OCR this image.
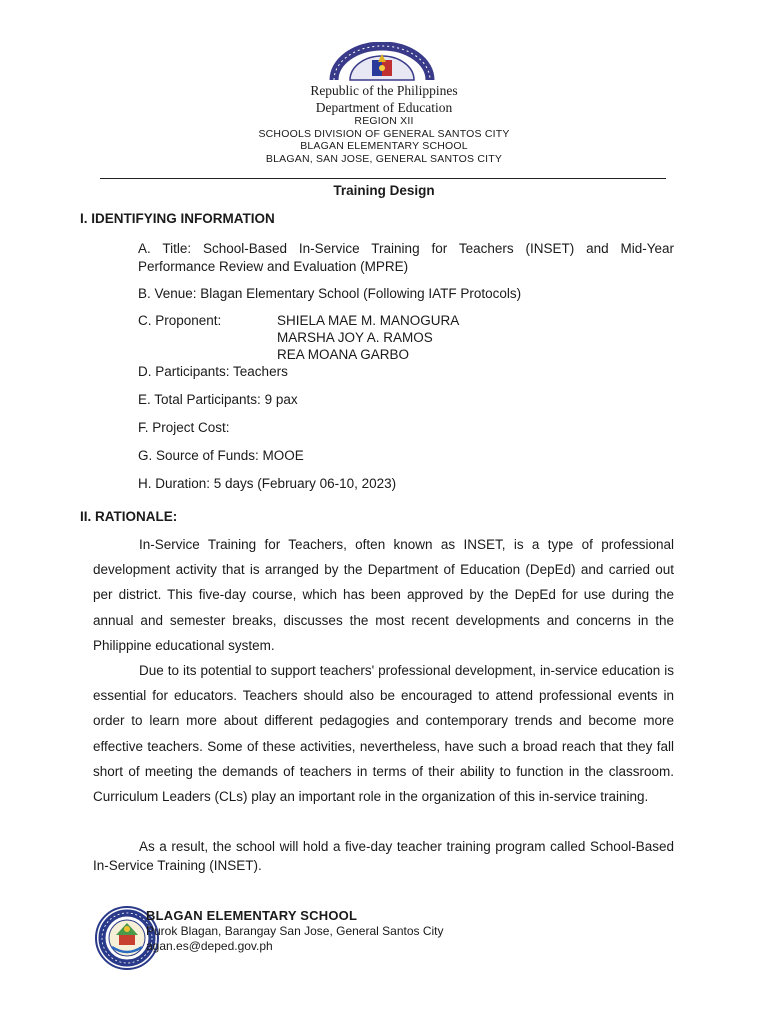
Republic of the Philippines

Department of Education

REGION XII

SCHOOLS DIVISION OF GENERAL SANTOS CITY

BLAGAN ELEMENTARY SCHOOL

BLAGAN, SAN JOSE, GENERAL SANTOS CITY

Training Design
I. IDENTIFYING INFORMATION
A. Title: School-Based In-Service Training for Teachers (INSET) and Mid-Year Performance Review and Evaluation (MPRE)
B. Venue: Blagan Elementary School (Following IATF Protocols)
C. Proponent:	SHIELA MAE M. MANOGURA
MARSHA JOY A. RAMOS
REA MOANA GARBO
D. Participants: Teachers
E. Total Participants: 9 pax
F. Project Cost:
G. Source of Funds: MOOE
H. Duration: 5 days (February 06-10, 2023)
II. RATIONALE:

In-Service Training for Teachers, often known as INSET, is a type of professional development activity that is arranged by the Department of Education (DepEd) and carried out per district. This five-day course, which has been approved by the DepEd for use during the annual and semester breaks, discusses the most recent developments and concerns in the Philippine educational system.

Due to its potential to support teachers' professional development, in-service education is essential for educators. Teachers should also be encouraged to attend professional events in order to learn more about different pedagogies and contemporary trends and become more effective teachers. Some of these activities, nevertheless, have such a broad reach that they fall short of meeting the demands of teachers in terms of their ability to function in the classroom. Curriculum Leaders (CLs) play an important role in the organization of this in-service training.

As a result, the school will hold a five-day teacher training program called School-Based In-Service Training (INSET).

BLAGAN ELEMENTARY SCHOOL
Purok Blagan, Barangay San Jose, General Santos City
agan.es@deped.gov.ph
